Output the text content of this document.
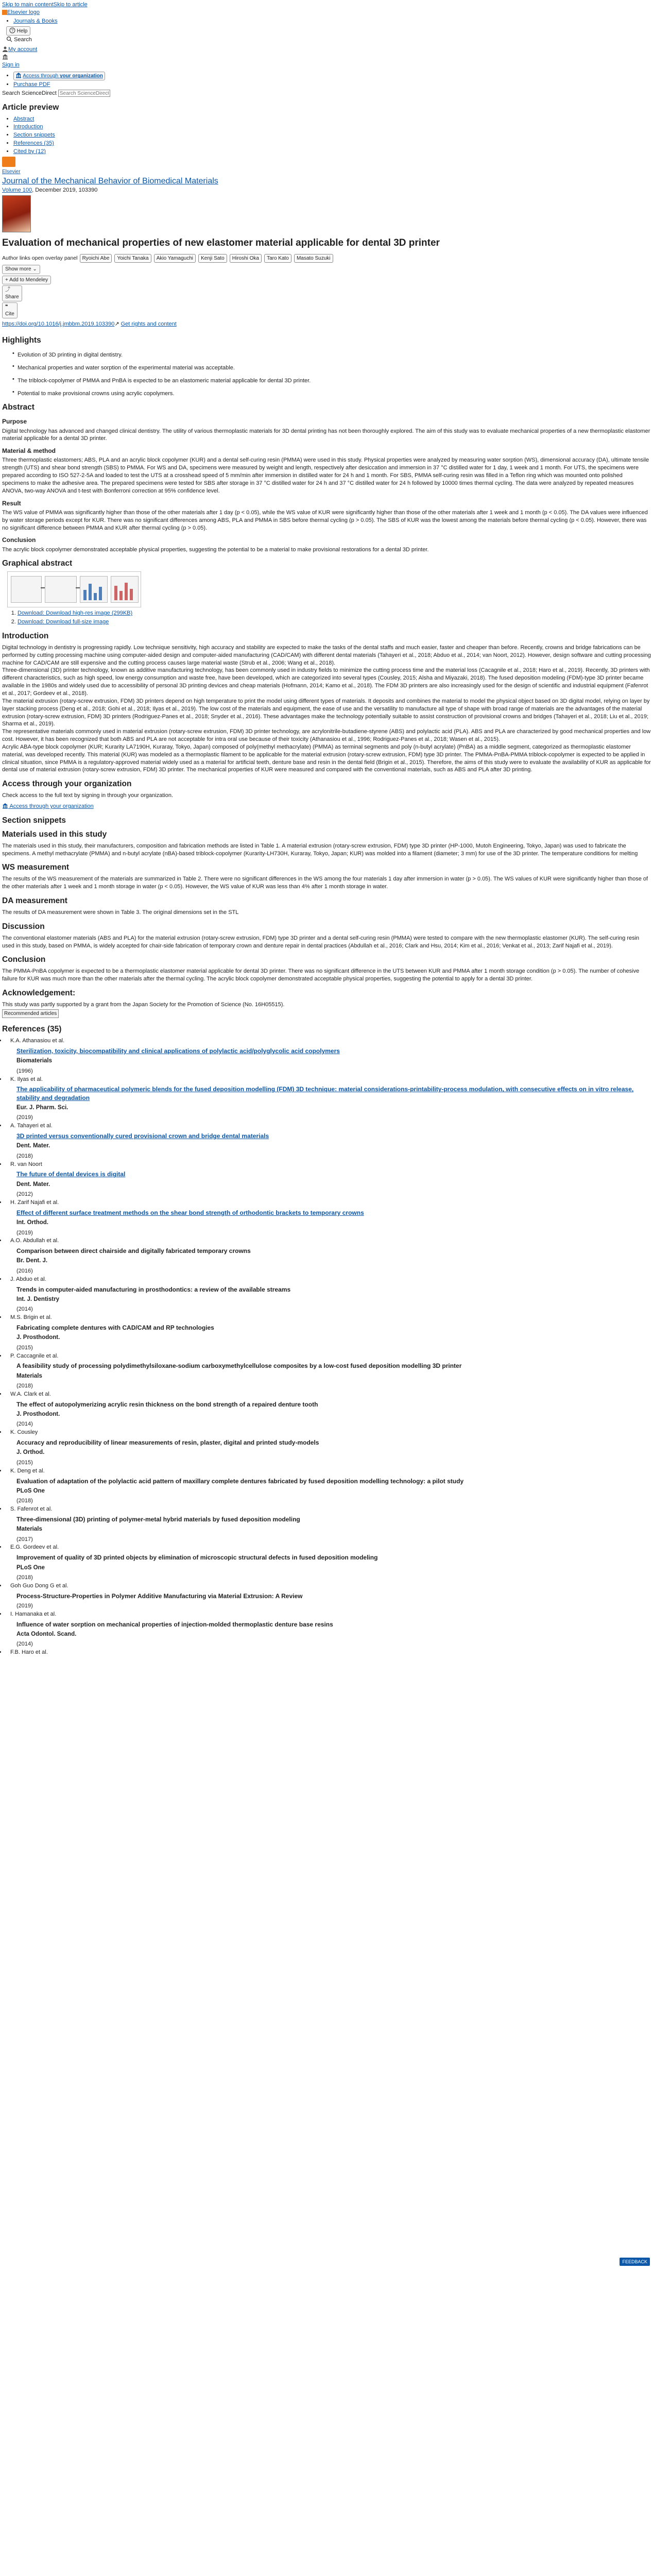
Skip to main contentSkip to article
Elsevier logo
• Journals & Books
? Help
Search
My account

Sign in
•  Access through your organization
• Purchase PDF
Search ScienceDirect Search ScienceDirect
Article preview
• Abstract
• Introduction
• Section snippets
• References (35)
• Cited by (12)
Elsevier
Journal of the Mechanical Behavior of Biomedical Materials
Volume 100, December 2019, 103390
Evaluation of mechanical properties of new elastomer material applicable for dental 3D printer
Author links open overlay panel Ryoichi Abe Yoichi Tanaka Akio Yamaguchi Kenji Sato Hiroshi Oka Taro Kato Masato Suzuki
Show more ⌄
+ Add to Mendeley
⤴
Share
❝
Cite
https://doi.org/10.1016/j.jmbbm.2019.103390↗ Get rights and content
Highlights
• Evolution of 3D printing in digital dentistry.
• Mechanical properties and water sorption of the experimental material was acceptable.
• The triblock-copolymer of PMMA and PnBA is expected to be an elastomeric material applicable for dental 3D printer.
• Potential to make provisional crowns using acrylic copolymers.
Abstract
Purpose

Digital technology has advanced and changed clinical dentistry. The utility of various thermoplastic materials for 3D dental printing has not been thoroughly explored. The aim of this study was to evaluate mechanical properties of a new thermoplastic elastomer material applicable for a dental 3D printer.

Material & method

Three thermoplastic elastomers; ABS, PLA and an acrylic block copolymer (KUR) and a dental self-curing resin (PMMA) were used in this study. Physical properties were analyzed by measuring water sorption (WS), dimensional accuracy (DA), ultimate tensile strength (UTS) and shear bond strength (SBS) to PMMA. For WS and DA, specimens were measured by weight and length, respectively after desiccation and immersion in 37 °C distilled water for 1 day, 1 week and 1 month. For UTS, the specimens were prepared according to ISO 527-2-5A and loaded to test the UTS at a crosshead speed of 5 mm/min after immersion in distilled water for 24 h and 1 month. For SBS, PMMA self-curing resin was filled in a Teflon ring which was mounted onto polished specimens to make the adhesive area. The prepared specimens were tested for SBS after storage in 37 °C distilled water for 24 h and 37 °C distilled water for 24 h followed by 10000 times thermal cycling. The data were analyzed by repeated measures ANOVA, two-way ANOVA and t-test with Bonferroni correction at 95% confidence level.

Result

The WS value of PMMA was significantly higher than those of the other materials after 1 day (p < 0.05), while the WS value of KUR were significantly higher than those of the other materials after 1 week and 1 month (p < 0.05). The DA values were influenced by water storage periods except for KUR. There was no significant differences among ABS, PLA and PMMA in SBS before thermal cycling (p > 0.05). The SBS of KUR was the lowest among the materials before thermal cycling (p < 0.05). However, there was no significant difference between PMMA and KUR after thermal cycling (p > 0.05).

Conclusion

The acrylic block copolymer demonstrated acceptable physical properties, suggesting the potential to be a material to make provisional restorations for a dental 3D printer.

Graphical abstract
1. Download: Download high-res image (299KB)
2. Download: Download full-size image
Introduction

Digital technology in dentistry is progressing rapidly. Low technique sensitivity, high accuracy and stability are expected to make the tasks of the dental staffs and much easier, faster and cheaper than before. Recently, crowns and bridge fabrications can be performed by cutting processing machine using computer-aided design and computer-aided manufacturing (CAD/CAM) with different dental materials (Tahayeri et al., 2018; Abduo et al., 2014; van Noort, 2012). However, design software and cutting processing machine for CAD/CAM are still expensive and the cutting process causes large material waste (Strub et al., 2006; Wang et al., 2018).

Three-dimensional (3D) printer technology, known as additive manufacturing technology, has been commonly used in industry fields to minimize the cutting process time and the material loss (Cacagnile et al., 2018; Haro et al., 2019). Recently, 3D printers with different characteristics, such as high speed, low energy consumption and waste free, have been developed, which are categorized into several types (Cousley, 2015; Alsha and Miyazaki, 2018). The fused deposition modeling (FDM)-type 3D printer became available in the 1980s and widely used due to accessibility of personal 3D printing devices and cheap materials (Hofmann, 2014; Kamo et al., 2018). The FDM 3D printers are also increasingly used for the design of scientific and industrial equipment (Fafenrot et al., 2017; Gordeev et al., 2018).

The material extrusion (rotary-screw extrusion, FDM) 3D printers depend on high temperature to print the model using different types of materials. It deposits and combines the material to model the physical object based on 3D digital model, relying on layer by layer stacking process (Deng et al., 2018; Gohi et al., 2018; Ilyas et al., 2019). The low cost of the materials and equipment, the ease of use and the versatility to manufacture all type of shape with broad range of materials are the advantages of the material extrusion (rotary-screw extrusion, FDM) 3D printers (Rodriguez-Panes et al., 2018; Snyder et al., 2016). These advantages make the technology potentially suitable to assist construction of provisional crowns and bridges (Tahayeri et al., 2018; Liu et al., 2019; Sharma et al., 2019).

The representative materials commonly used in material extrusion (rotary-screw extrusion, FDM) 3D printer technology, are acrylonitrile-butadiene-styrene (ABS) and polylactic acid (PLA). ABS and PLA are characterized by good mechanical properties and low cost. However, it has been recognized that both ABS and PLA are not acceptable for intra oral use because of their toxicity (Athanasiou et al., 1996; Rodriguez-Panes et al., 2018; Wasen et al., 2015).

Acrylic ABA-type block copolymer (KUR; Kurarity LA7190H, Kuraray, Tokyo, Japan) composed of poly(methyl methacrylate) (PMMA) as terminal segments and poly (n-butyl acrylate) (PnBA) as a middle segment, categorized as thermoplastic elastomer material, was developed recently. This material (KUR) was modeled as a thermoplastic filament to be applicable for the material extrusion (rotary-screw extrusion, FDM) type 3D printer. The PMMA-PnBA-PMMA triblock-copolymer is expected to be applied in clinical situation, since PMMA is a regulatory-approved material widely used as a material for artificial teeth, denture base and resin in the dental field (Brigin et al., 2015). Therefore, the aims of this study were to evaluate the availability of KUR as applicable for dental use of material extrusion (rotary-screw extrusion, FDM) 3D printer. The mechanical properties of KUR were measured and compared with the conventional materials, such as ABS and PLA after 3D printing.

Access through your organization

Check access to the full text by signing in through your organization.

Access through your organization
Section snippets
Materials used in this study

The materials used in this study, their manufacturers, composition and fabrication methods are listed in Table 1. A material extrusion (rotary-screw extrusion, FDM) type 3D printer (HP-1000, Mutoh Engineering, Tokyo, Japan) was used to fabricate the specimens. A methyl methacrylate (PMMA) and n-butyl acrylate (nBA)-based triblock-copolymer (Kurarity-LH730H, Kuraray, Tokyo, Japan; KUR) was molded into a filament (diameter; 3 mm) for use of the 3D printer. The temperature conditions for melting

WS measurement

The results of the WS measurement of the materials are summarized in Table 2. There were no significant differences in the WS among the four materials 1 day after immersion in water (p > 0.05). The WS values of KUR were significantly higher than those of the other materials after 1 week and 1 month storage in water (p < 0.05). However, the WS value of KUR was less than 4% after 1 month storage in water.

DA measurement

The results of DA measurement were shown in Table 3. The original dimensions set in the STL

Discussion

The conventional elastomer materials (ABS and PLA) for the material extrusion (rotary-screw extrusion, FDM) type 3D printer and a dental self-curing resin (PMMA) were tested to compare with the new thermoplastic elastomer (KUR). The self-curing resin used in this study, based on PMMA, is widely accepted for chair-side fabrication of temporary crown and denture repair in dental practices (Abdullah et al., 2016; Clark and Hsu, 2014; Kim et al., 2016; Venkat et al., 2013; Zarif Najafi et al., 2019).

Conclusion

The PMMA-PnBA copolymer is expected to be a thermoplastic elastomer material applicable for dental 3D printer. There was no significant difference in the UTS between KUR and PMMA after 1 month storage condition (p > 0.05). The number of cohesive failure for KUR was much more than the other materials after the thermal cycling. The acrylic block copolymer demonstrated acceptable physical properties, suggesting the potential to apply for a dental 3D printer.

Acknowledgement:

This study was partly supported by a grant from the Japan Society for the Promotion of Science (No. 16H05515).

Recommended articles
References (35)
• K.A. Athanasiou et al.
Sterilization, toxicity, biocompatibility and clinical applications of polylactic acid/polyglycolic acid copolymers
Biomaterials
(1996)
• K. Ilyas et al.
The applicability of pharmaceutical polymeric blends for the fused deposition modelling (FDM) 3D technique: material considerations-printability-process modulation, with consecutive effects on in vitro release, stability and degradation
Eur. J. Pharm. Sci.
(2019)
• A. Tahayeri et al.
3D printed versus conventionally cured provisional crown and bridge dental materials
Dent. Mater.
(2018)
• R. van Noort
The future of dental devices is digital
Dent. Mater.
(2012)
• H. Zarif Najafi et al.
Effect of different surface treatment methods on the shear bond strength of orthodontic brackets to temporary crowns
Int. Orthod.
(2019)
• A.O. Abdullah et al.
Comparison between direct chairside and digitally fabricated temporary crowns
Br. Dent. J.
(2016)
• J. Abduo et al.
Trends in computer-aided manufacturing in prosthodontics: a review of the available streams
Int. J. Dentistry
(2014)
• M.S. Brigin et al.
Fabricating complete dentures with CAD/CAM and RP technologies
J. Prosthodont.
(2015)
• P. Caccagnile et al.
A feasibility study of processing polydimethylsiloxane-sodium carboxymethylcellulose composites by a low-cost fused deposition modelling 3D printer
Materials
(2018)
• W.A. Clark et al.
The effect of autopolymerizing acrylic resin thickness on the bond strength of a repaired denture tooth
J. Prosthodont.
(2014)
• K. Cousley
Accuracy and reproducibility of linear measurements of resin, plaster, digital and printed study-models
J. Orthod.
(2015)
• K. Deng et al.
Evaluation of adaptation of the polylactic acid pattern of maxillary complete dentures fabricated by fused deposition modelling technology: a pilot study
PLoS One
(2018)
• S. Fafenrot et al.
Three-dimensional (3D) printing of polymer-metal hybrid materials by fused deposition modeling
Materials
(2017)
• E.G. Gordeev et al.
Improvement of quality of 3D printed objects by elimination of microscopic structural defects in fused deposition modeling
PLoS One
(2018)
• Goh Guo Dong G et al.
Process-Structure-Properties in Polymer Additive Manufacturing via Material Extrusion: A Review
(2019)
• I. Hamanaka et al.
Influence of water sorption on mechanical properties of injection-molded thermoplastic denture base resins
Acta Odontol. Scand.
(2014)
• F.B. Haro et al.
FEEDBACK
